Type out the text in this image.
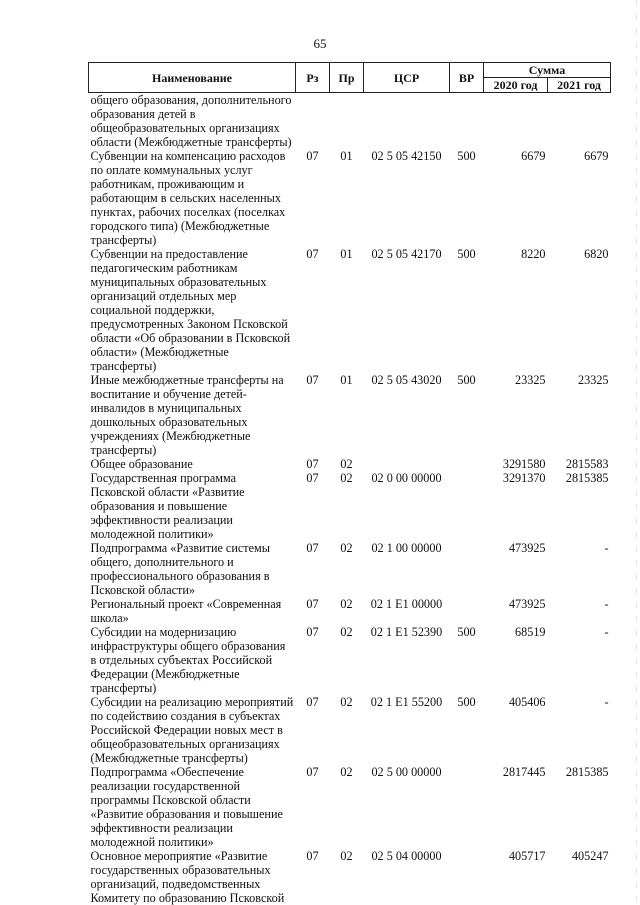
65
Наименование	Рз	Пр	ЦСР	ВР	Сумма	
					2020 год	2021 год
общего образования, дополнительного образования детей в общеобразовательных организациях области (Межбюджетные трансферты)						
Субвенции на компенсацию расходов по оплате коммунальных услуг работникам, проживающим и работающим в сельских населенных пунктах, рабочих поселках (поселках городского типа) (Межбюджетные трансферты)	07	01	02 5 05 42150	500	6679	6679
Субвенции на предоставление педагогическим работникам муниципальных образовательных организаций отдельных мер социальной поддержки, предусмотренных Законом Псковской области «Об образовании в Псковской области» (Межбюджетные трансферты)	07	01	02 5 05 42170	500	8220	6820
Иные межбюджетные трансферты на воспитание и обучение детей-инвалидов в муниципальных дошкольных образовательных учреждениях (Межбюджетные трансферты)	07	01	02 5 05 43020	500	23325	23325
Общее образование	07	02			3291580	2815583
Государственная программа Псковской области «Развитие образования и повышение эффективности реализации молодежной политики»	07	02	02 0 00 00000		3291370	2815385
Подпрограмма «Развитие системы общего, дополнительного и профессионального образования в Псковской области»	07	02	02 1 00 00000		473925	-
Региональный проект «Современная школа»	07	02	02 1 E1 00000		473925	-
Субсидии на модернизацию инфраструктуры общего образования в отдельных субъектах Российской Федерации (Межбюджетные трансферты)	07	02	02 1 E1 52390	500	68519	-
Субсидии на реализацию мероприятий по содействию создания в субъектах Российской Федерации новых мест в общеобразовательных организациях (Межбюджетные трансферты)	07	02	02 1 E1 55200	500	405406	-
Подпрограмма «Обеспечение реализации государственной программы Псковской области «Развитие образования и повышение эффективности реализации молодежной политики»	07	02	02 5 00 00000		2817445	2815385
Основное мероприятие «Развитие государственных образовательных организаций, подведомственных Комитету по образованию Псковской	07	02	02 5 04 00000		405717	405247
